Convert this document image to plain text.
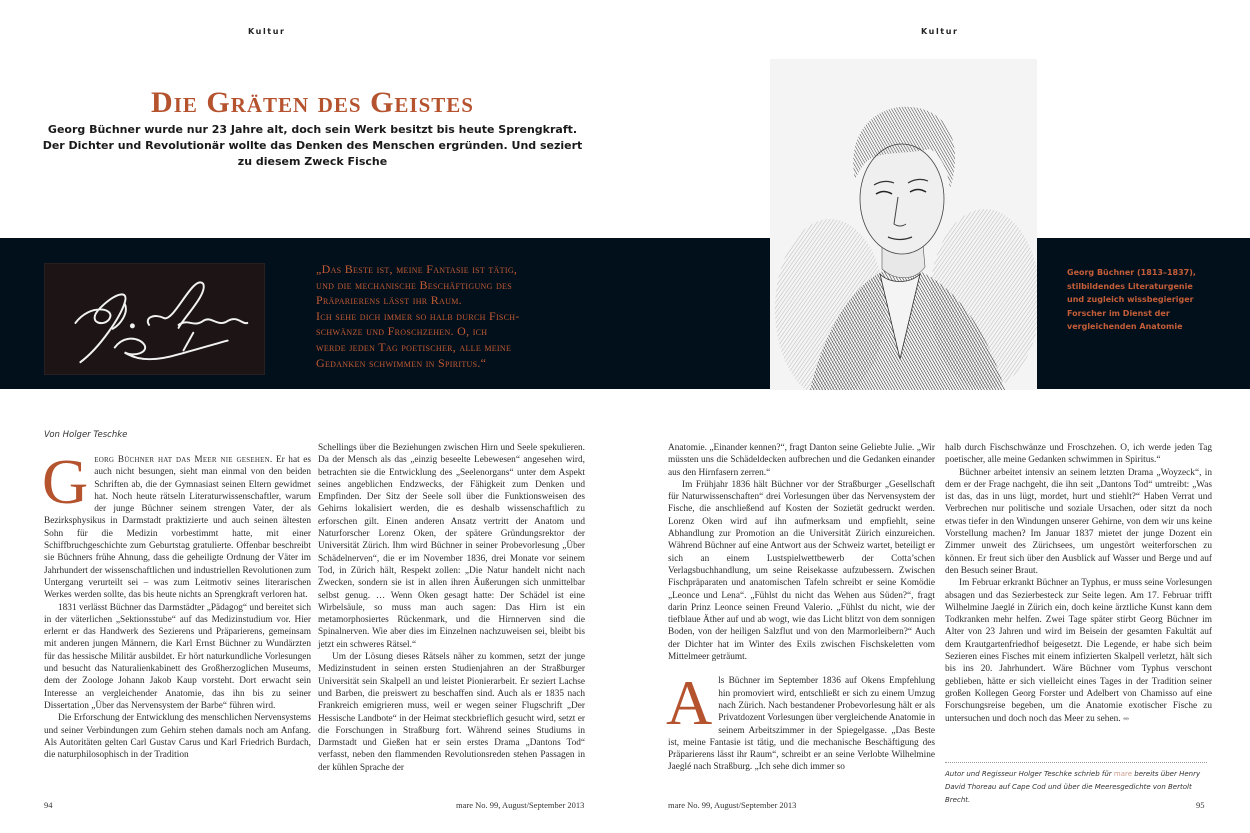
Kultur	Kultur
Die Gräten des Geistes

Georg Büchner wurde nur 23 Jahre alt, doch sein Werk besitzt bis heute Sprengkraft. Der Dichter und Revolutionär wollte das Denken des Menschen ergründen. Und seziert zu diesem Zweck Fische

„Das Beste ist, meine Fantasie ist tätig,
und die mechanische Beschäftigung des
Präparierens lässt ihr Raum.
Ich sehe dich immer so halb durch Fisch-
schwänze und Froschzehen. O, ich
werde jeden Tag poetischer, alle meine
Gedanken schwimmen in Spiritus.“
Georg Büchner (1813–1837),
stilbildendes Literaturgenie
und zugleich wissbegieriger
Forscher im Dienst der
vergleichenden Anatomie
Von Holger Teschke

Georg Büchner hat das Meer nie gesehen. Er hat es auch nicht besungen, sieht man einmal von den beiden Schriften ab, die der Gymnasiast seinen Eltern gewidmet hat. Noch heute rätseln Literaturwissenschaftler, warum der junge Büchner seinem strengen Vater, der als Bezirksphysikus in Darmstadt praktizierte und auch seinen ältesten Sohn für die Medizin vorbestimmt hatte, mit einer Schiffbruchgeschichte zum Geburtstag gratulierte. Offenbar beschreibt sie Büchners frühe Ahnung, dass die geheiligte Ordnung der Väter im Jahrhundert der wissenschaftlichen und industriellen Revolutionen zum Untergang verurteilt sei – was zum Leitmotiv seines literarischen Werkes werden sollte, das bis heute nichts an Sprengkraft verloren hat.

1831 verlässt Büchner das Darmstädter „Pädagog“ und bereitet sich in der väterlichen „Sektionsstube“ auf das Medizinstudium vor. Hier erlernt er das Handwerk des Sezierens und Präparierens, gemeinsam mit anderen jungen Männern, die Karl Ernst Büchner zu Wundärzten für das hessische Militär ausbildet. Er hört naturkundliche Vorlesungen und besucht das Naturalienkabinett des Großherzoglichen Museums, dem der Zoologe Johann Jakob Kaup vorsteht. Dort erwacht sein Interesse an vergleichender Anatomie, das ihn bis zu seiner Dissertation „Über das Nervensystem der Barbe“ führen wird.

Die Erforschung der Entwicklung des menschlichen Nervensystems und seiner Verbindungen zum Gehirn stehen damals noch am Anfang. Als Autoritäten gelten Carl Gustav Carus und Karl Friedrich Burdach, die naturphilosophisch in der Tradition

Schellings über die Beziehungen zwischen Hirn und Seele spekulieren. Da der Mensch als das „einzig beseelte Lebewesen“ angesehen wird, betrachten sie die Entwicklung des „Seelenorgans“ unter dem Aspekt seines angeblichen Endzwecks, der Fähigkeit zum Denken und Empfinden. Der Sitz der Seele soll über die Funktionsweisen des Gehirns lokalisiert werden, die es deshalb wissenschaftlich zu erforschen gilt. Einen anderen Ansatz vertritt der Anatom und Naturforscher Lorenz Oken, der spätere Gründungsrektor der Universität Zürich. Ihm wird Büchner in seiner Probevorlesung „Über Schädelnerven“, die er im November 1836, drei Monate vor seinem Tod, in Zürich hält, Respekt zollen: „Die Natur handelt nicht nach Zwecken, sondern sie ist in allen ihren Äußerungen sich unmittelbar selbst genug. … Wenn Oken gesagt hatte: Der Schädel ist eine Wirbelsäule, so muss man auch sagen: Das Hirn ist ein metamorphosiertes Rückenmark, und die Hirnnerven sind die Spinalnerven. Wie aber dies im Einzelnen nachzuweisen sei, bleibt bis jetzt ein schweres Rätsel.“

Um der Lösung dieses Rätsels näher zu kommen, setzt der junge Medizinstudent in seinen ersten Studienjahren an der Straßburger Universität sein Skalpell an und leistet Pionierarbeit. Er seziert Lachse und Barben, die preiswert zu beschaffen sind. Auch als er 1835 nach Frankreich emigrieren muss, weil er wegen seiner Flugschrift „Der Hessische Landbote“ in der Heimat steckbrieflich gesucht wird, setzt er die Forschungen in Straßburg fort. Während seines Studiums in Darmstadt und Gießen hat er sein erstes Drama „Dantons Tod“ verfasst, neben den flammenden Revolutionsreden stehen Passagen in der kühlen Sprache der

Anatomie. „Einander kennen?“, fragt Danton seine Geliebte Julie. „Wir müssten uns die Schädeldecken aufbrechen und die Gedanken einander aus den Hirnfasern zerren.“

Im Frühjahr 1836 hält Büchner vor der Straßburger „Gesellschaft für Naturwissenschaften“ drei Vorlesungen über das Nervensystem der Fische, die anschließend auf Kosten der Sozietät gedruckt werden. Lorenz Oken wird auf ihn aufmerksam und empfiehlt, seine Abhandlung zur Promotion an die Universität Zürich einzureichen. Während Büchner auf eine Antwort aus der Schweiz wartet, beteiligt er sich an einem Lustspielwettbewerb der Cotta’schen Verlagsbuchhandlung, um seine Reisekasse aufzubessern. Zwischen Fischpräparaten und anatomischen Tafeln schreibt er seine Komödie „Leonce und Lena“. „Fühlst du nicht das Wehen aus Süden?“, fragt darin Prinz Leonce seinen Freund Valerio. „Fühlst du nicht, wie der tiefblaue Äther auf und ab wogt, wie das Licht blitzt von dem sonnigen Boden, von der heiligen Salzflut und von den Marmorleibern?“ Auch der Dichter hat im Winter des Exils zwischen Fischskeletten vom Mittelmeer geträumt.

Als Büchner im September 1836 auf Okens Empfehlung hin promoviert wird, entschließt er sich zu einem Umzug nach Zürich. Nach bestandener Probevorlesung hält er als Privatdozent Vorlesungen über vergleichende Anatomie in seinem Arbeitszimmer in der Spiegelgasse. „Das Beste ist, meine Fantasie ist tätig, und die mechanische Beschäftigung des Präparierens lässt ihr Raum“, schreibt er an seine Verlobte Wilhelmine Jaeglé nach Straßburg. „Ich sehe dich immer so

halb durch Fischschwänze und Froschzehen. O, ich werde jeden Tag poetischer, alle meine Gedanken schwimmen in Spiritus.“

Büchner arbeitet intensiv an seinem letzten Drama „Woyzeck“, in dem er der Frage nachgeht, die ihn seit „Dantons Tod“ umtreibt: „Was ist das, das in uns lügt, mordet, hurt und stiehlt?“ Haben Verrat und Verbrechen nur politische und soziale Ursachen, oder sitzt da noch etwas tiefer in den Windungen unserer Gehirne, von dem wir uns keine Vorstellung machen? Im Januar 1837 mietet der junge Dozent ein Zimmer unweit des Zürichsees, um ungestört weiterforschen zu können. Er freut sich über den Ausblick auf Wasser und Berge und auf den Besuch seiner Braut.

Im Februar erkrankt Büchner an Typhus, er muss seine Vorlesungen absagen und das Sezierbesteck zur Seite legen. Am 17. Februar trifft Wilhelmine Jaeglé in Zürich ein, doch keine ärztliche Kunst kann dem Todkranken mehr helfen. Zwei Tage später stirbt Georg Büchner im Alter von 23 Jahren und wird im Beisein der gesamten Fakultät auf dem Krautgartenfriedhof beigesetzt. Die Legende, er habe sich beim Sezieren eines Fisches mit einem infizierten Skalpell verletzt, hält sich bis ins 20. Jahrhundert. Wäre Büchner vom Typhus verschont geblieben, hätte er sich vielleicht eines Tages in der Tradition seiner großen Kollegen Georg Forster und Adelbert von Chamisso auf eine Forschungsreise begeben, um die Anatomie exotischer Fische zu untersuchen und doch noch das Meer zu sehen. ⥈

Autor und Regisseur Holger Teschke schrieb für mare bereits über Henry David Thoreau auf Cape Cod und über die Meeresgedichte von Bertolt Brecht.
94	mare No. 99, August/September 2013	mare No. 99, August/September 2013	95
